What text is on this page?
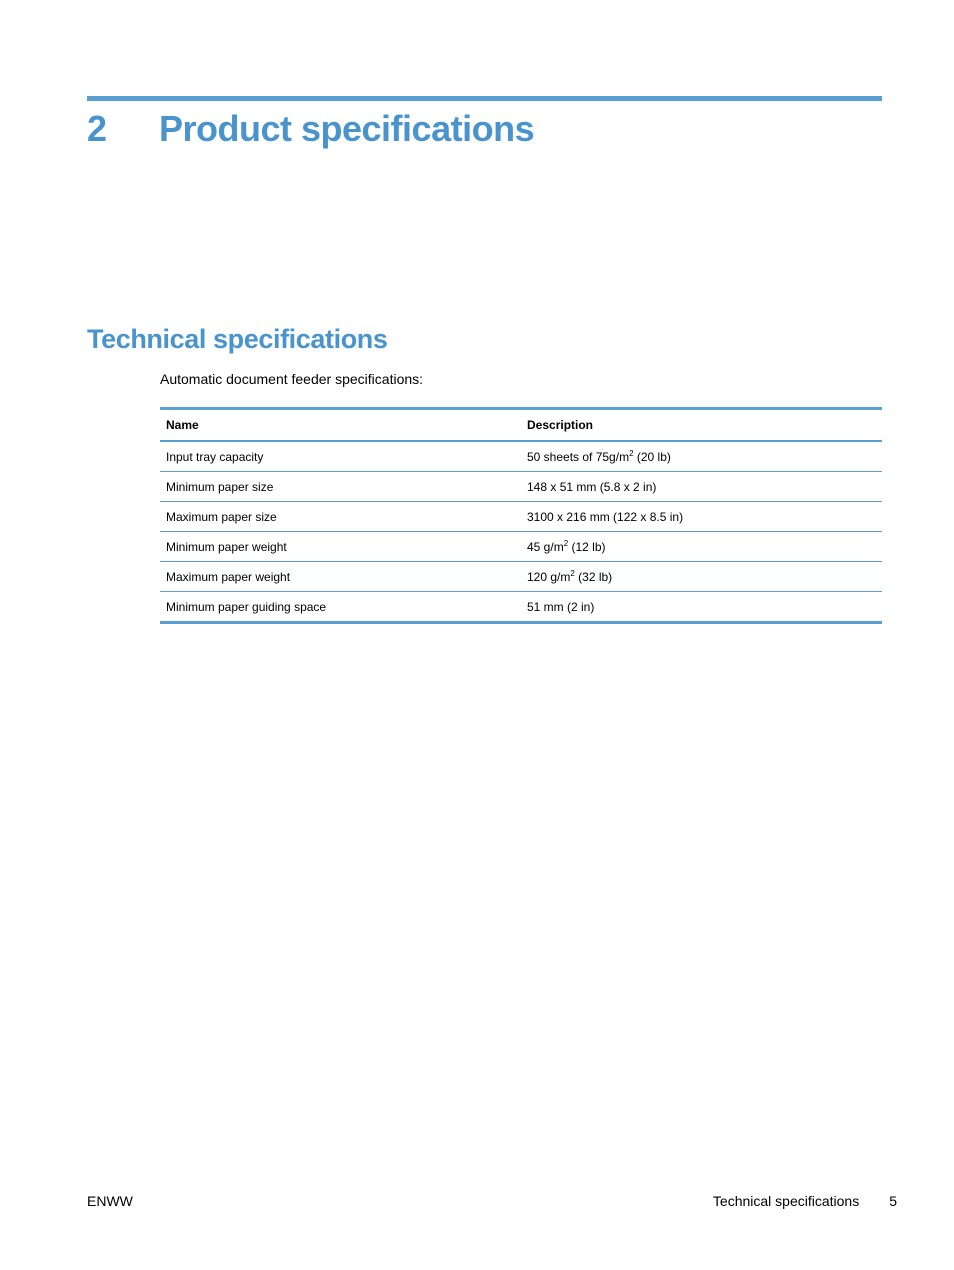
2	Product specifications
Technical specifications

Automatic document feeder specifications:

Name	Description
Input tray capacity	50 sheets of $75g/m^2$ (20 lb)
Minimum paper size	148 x 51 mm (5.8 x 2 in)
Maximum paper size	3100 x 216 mm (122 x 8.5 in)
Minimum paper weight	45 $g/m^2$ (12 lb)
Maximum paper weight	120 $g/m^2$ (32 lb)
Minimum paper guiding space	51 mm (2 in)
ENWW	Technical specifications 5
